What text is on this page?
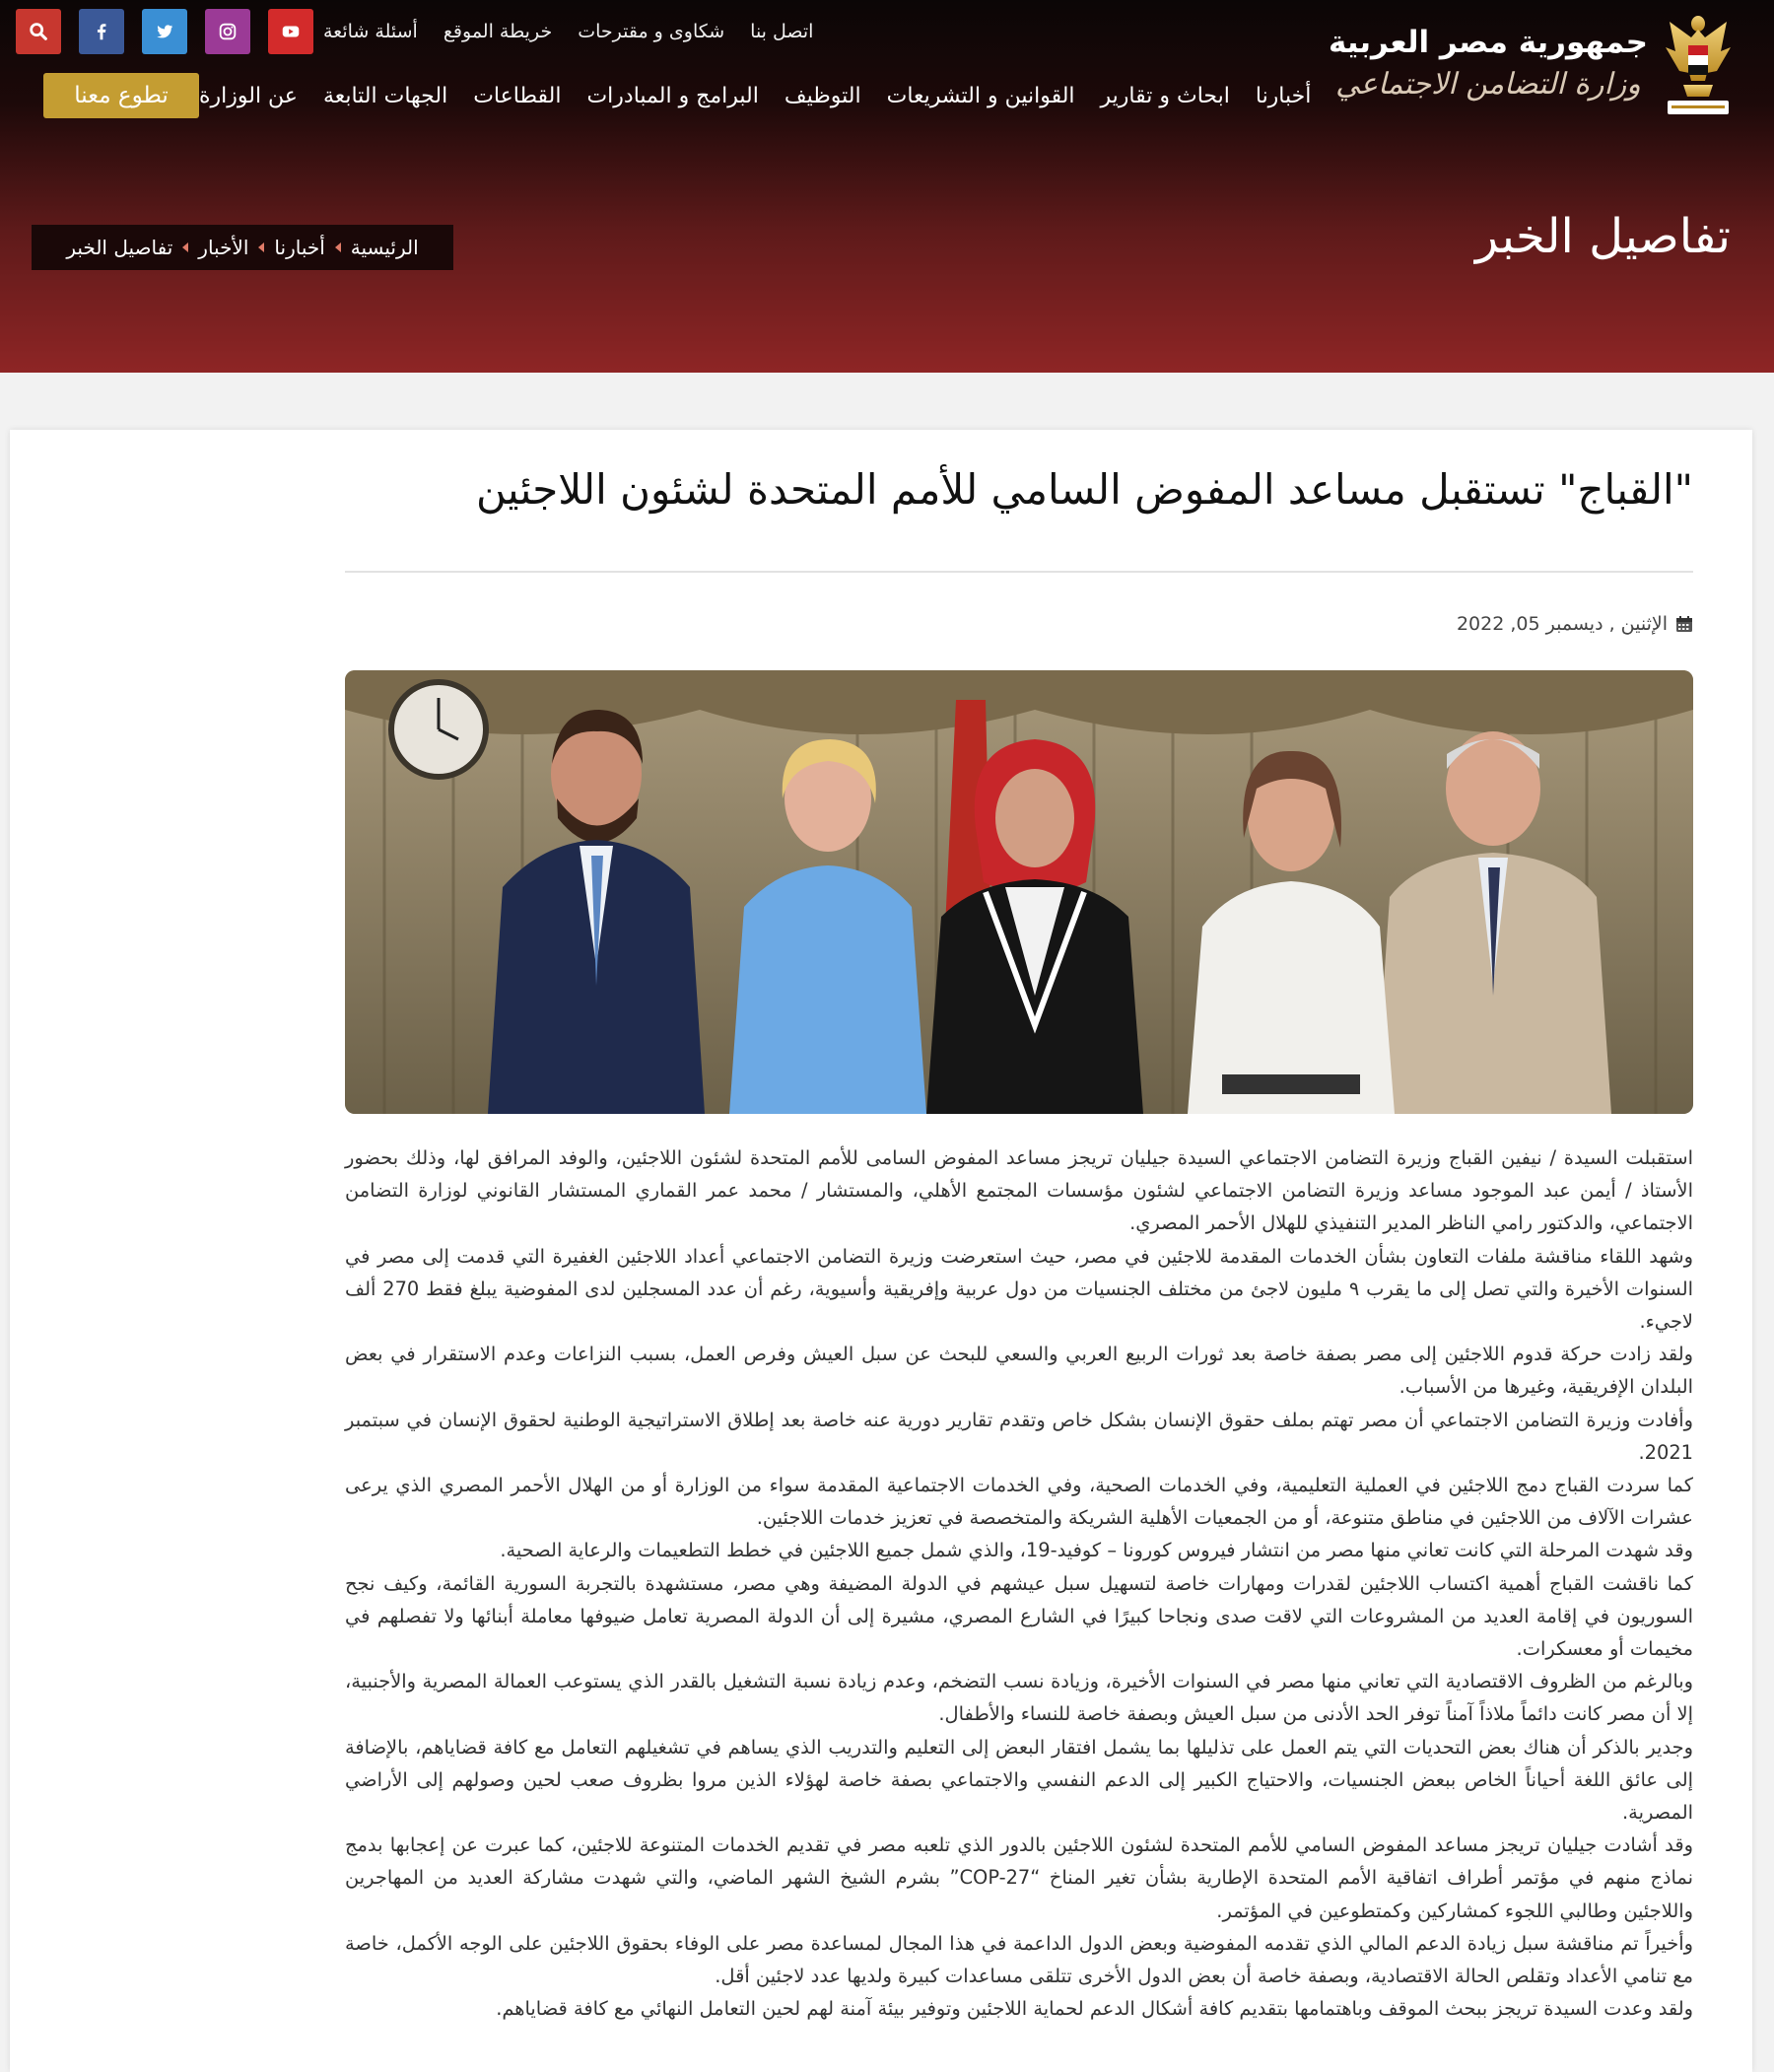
جمهورية مصر العربية
وزارة التضامن الاجتماعي
أسئلة شائعة خريطة الموقع شكاوى و مقترحات اتصل بنا
تطوع معنا	عن الوزارة الجهات التابعة القطاعات البرامج و المبادرات التوظيف القوانين و التشريعات ابحاث و تقارير أخبارنا
تفاصيل الخبر
الرئيسية
أخبارنا
الأخبار
تفاصيل الخبر
"القباج" تستقبل مساعد المفوض السامي للأمم المتحدة لشئون اللاجئين
الإثنين , ديسمبر 05, 2022

استقبلت السيدة / نيفين القباج وزيرة التضامن الاجتماعي السيدة جيليان تريجز مساعد المفوض السامى للأمم المتحدة لشئون اللاجئين، والوفد المرافق لها، وذلك بحضور الأستاذ / أيمن عبد الموجود مساعد وزيرة التضامن الاجتماعي لشئون مؤسسات المجتمع الأهلي، والمستشار / محمد عمر القماري المستشار القانوني لوزارة التضامن الاجتماعي، والدكتور رامي الناظر المدير التنفيذي للهلال الأحمر المصري.

وشهد اللقاء مناقشة ملفات التعاون بشأن الخدمات المقدمة للاجئين في مصر، حيث استعرضت وزيرة التضامن الاجتماعي أعداد اللاجئين الغفيرة التي قدمت إلى مصر في السنوات الأخيرة والتي تصل إلى ما يقرب ٩ مليون لاجئ من مختلف الجنسيات من دول عربية وإفريقية وأسيوية، رغم أن عدد المسجلين لدى المفوضية يبلغ فقط 270 ألف لاجيء.

ولقد زادت حركة قدوم اللاجئين إلى مصر بصفة خاصة بعد ثورات الربيع العربي والسعي للبحث عن سبل العيش وفرص العمل، بسبب النزاعات وعدم الاستقرار في بعض البلدان الإفريقية، وغيرها من الأسباب.

وأفادت وزيرة التضامن الاجتماعي أن مصر تهتم بملف حقوق الإنسان بشكل خاص وتقدم تقارير دورية عنه خاصة بعد إطلاق الاستراتيجية الوطنية لحقوق الإنسان في سبتمبر 2021.

كما سردت القباج دمج اللاجئين في العملية التعليمية، وفي الخدمات الصحية، وفي الخدمات الاجتماعية المقدمة سواء من الوزارة أو من الهلال الأحمر المصري الذي يرعى عشرات الآلاف من اللاجئين في مناطق متنوعة، أو من الجمعيات الأهلية الشريكة والمتخصصة في تعزيز خدمات اللاجئين.

وقد شهدت المرحلة التي كانت تعاني منها مصر من انتشار فيروس كورونا – كوفيد-19، والذي شمل جميع اللاجئين في خطط التطعيمات والرعاية الصحية.

كما ناقشت القباج أهمية اكتساب اللاجئين لقدرات ومهارات خاصة لتسهيل سبل عيشهم في الدولة المضيفة وهي مصر، مستشهدة بالتجربة السورية القائمة، وكيف نجح السوريون في إقامة العديد من المشروعات التي لاقت صدى ونجاحا كبيرًا في الشارع المصري، مشيرة إلى أن الدولة المصرية تعامل ضيوفها معاملة أبنائها ولا تفصلهم في مخيمات أو معسكرات.

وبالرغم من الظروف الاقتصادية التي تعاني منها مصر في السنوات الأخيرة، وزيادة نسب التضخم، وعدم زيادة نسبة التشغيل بالقدر الذي يستوعب العمالة المصرية والأجنبية، إلا أن مصر كانت دائماً ملاذاً آمناً توفر الحد الأدنى من سبل العيش وبصفة خاصة للنساء والأطفال.

وجدير بالذكر أن هناك بعض التحديات التي يتم العمل على تذليلها بما يشمل افتقار البعض إلى التعليم والتدريب الذي يساهم في تشغيلهم التعامل مع كافة قضاياهم، بالإضافة إلى عائق اللغة أحياناً الخاص ببعض الجنسيات، والاحتياج الكبير إلى الدعم النفسي والاجتماعي بصفة خاصة لهؤلاء الذين مروا بظروف صعب لحين وصولهم إلى الأراضي المصرية.

وقد أشادت جيليان تريجز مساعد المفوض السامي للأمم المتحدة لشئون اللاجئين بالدور الذي تلعبه مصر في تقديم الخدمات المتنوعة للاجئين، كما عبرت عن إعجابها بدمج نماذج منهم في مؤتمر أطراف اتفاقية الأمم المتحدة الإطارية بشأن تغير المناخ “COP-27” بشرم الشيخ الشهر الماضي، والتي شهدت مشاركة العديد من المهاجرين واللاجئين وطالبي اللجوء كمشاركين وكمتطوعين في المؤتمر.

وأخيراً تم مناقشة سبل زيادة الدعم المالي الذي تقدمه المفوضية وبعض الدول الداعمة في هذا المجال لمساعدة مصر على الوفاء بحقوق اللاجئين على الوجه الأكمل، خاصة مع تنامي الأعداد وتقلص الحالة الاقتصادية، وبصفة خاصة أن بعض الدول الأخرى تتلقى مساعدات كبيرة ولديها عدد لاجئين أقل.

ولقد وعدت السيدة تريجز ببحث الموقف وباهتمامها بتقديم كافة أشكال الدعم لحماية اللاجئين وتوفير بيئة آمنة لهم لحين التعامل النهائي مع كافة قضاياهم.
